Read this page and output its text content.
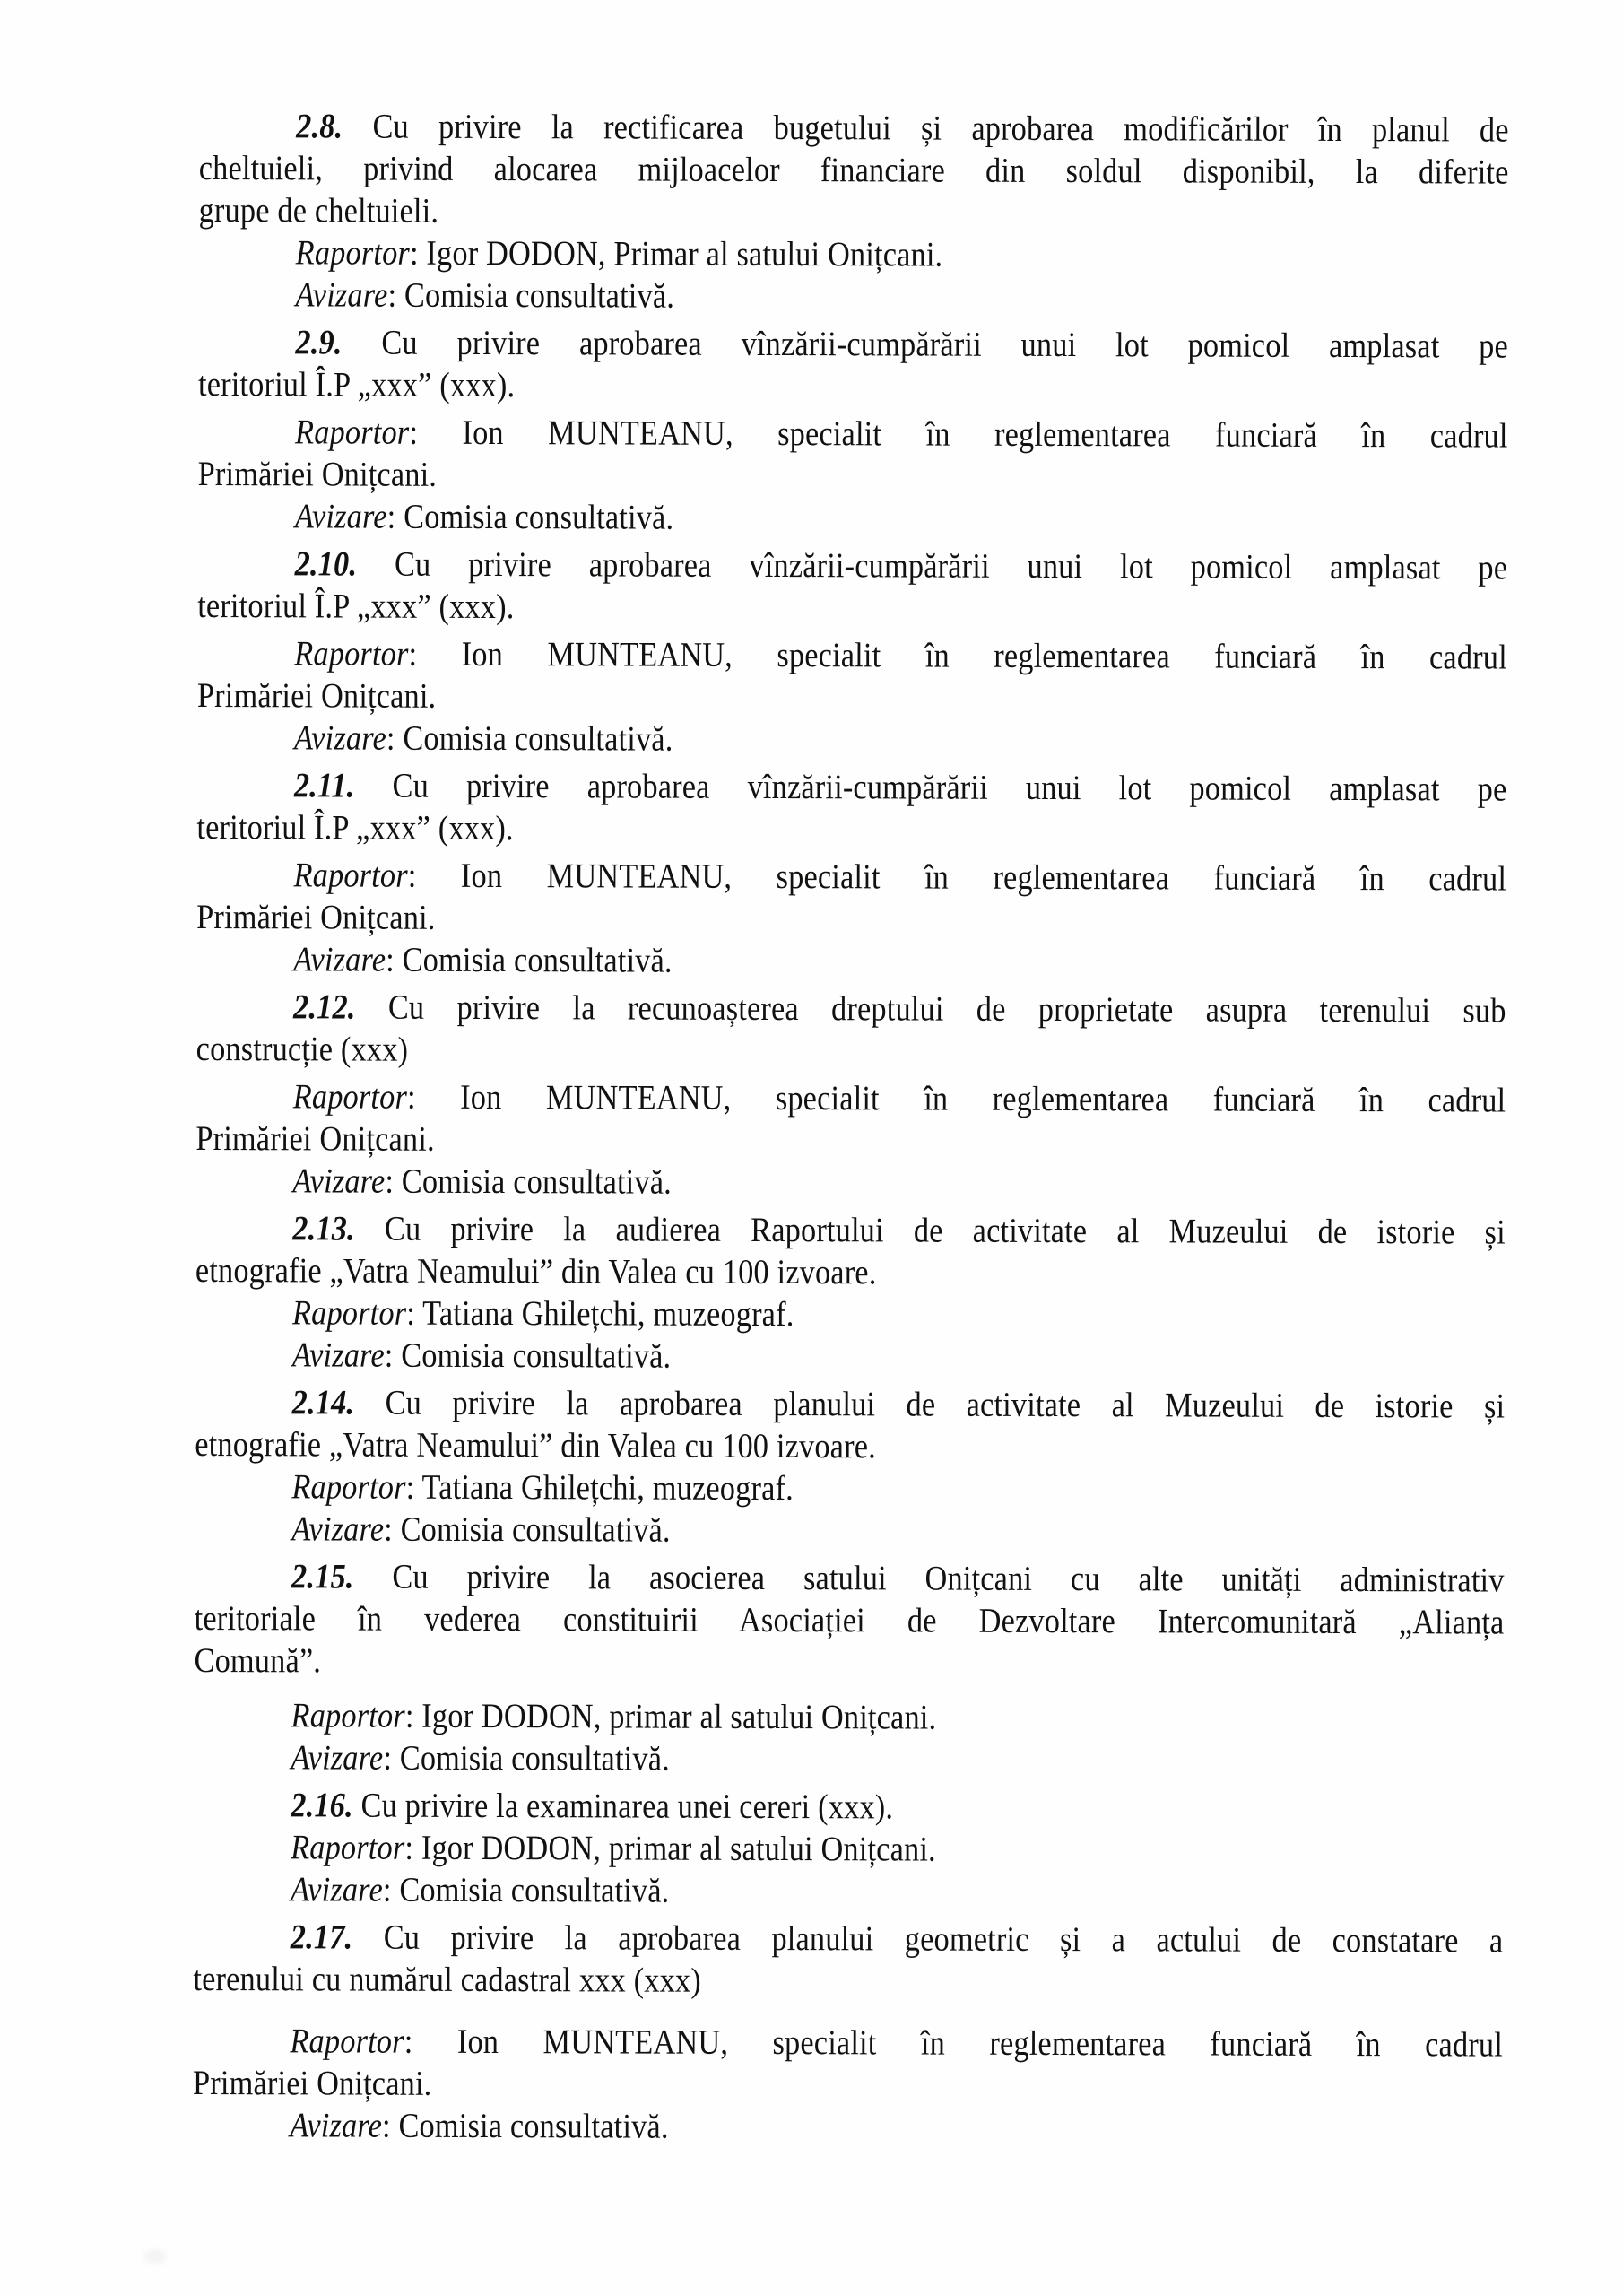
2.8. Cu privire la rectificarea bugetului și aprobarea modificărilor în planul de
cheltuieli, privind alocarea mijloacelor financiare din soldul disponibil, la diferite
grupe de cheltuieli.
Raportor: Igor DODON, Primar al satului Onițcani.
Avizare: Comisia consultativă.
2.9. Cu privire aprobarea vînzării-cumpărării unui lot pomicol amplasat pe
teritoriul Î.P „xxx” (xxx).
Raportor: Ion MUNTEANU, specialit în reglementarea funciară în cadrul
Primăriei Onițcani.
Avizare: Comisia consultativă.
2.10. Cu privire aprobarea vînzării-cumpărării unui lot pomicol amplasat pe
teritoriul Î.P „xxx” (xxx).
Raportor: Ion MUNTEANU, specialit în reglementarea funciară în cadrul
Primăriei Onițcani.
Avizare: Comisia consultativă.
2.11. Cu privire aprobarea vînzării-cumpărării unui lot pomicol amplasat pe
teritoriul Î.P „xxx” (xxx).
Raportor: Ion MUNTEANU, specialit în reglementarea funciară în cadrul
Primăriei Onițcani.
Avizare: Comisia consultativă.
2.12. Cu privire la recunoașterea dreptului de proprietate asupra terenului sub
construcție (xxx)
Raportor: Ion MUNTEANU, specialit în reglementarea funciară în cadrul
Primăriei Onițcani.
Avizare: Comisia consultativă.
2.13. Cu privire la audierea Raportului de activitate al Muzeului de istorie și
etnografie „Vatra Neamului” din Valea cu 100 izvoare.
Raportor: Tatiana Ghilețchi, muzeograf.
Avizare: Comisia consultativă.
2.14. Cu privire la aprobarea planului de activitate al Muzeului de istorie și
etnografie „Vatra Neamului” din Valea cu 100 izvoare.
Raportor: Tatiana Ghilețchi, muzeograf.
Avizare: Comisia consultativă.
2.15. Cu privire la asocierea satului Onițcani cu alte unități administrativ
teritoriale în vederea constituirii Asociației de Dezvoltare Intercomunitară „Alianța
Comună”.
Raportor: Igor DODON, primar al satului Onițcani.
Avizare: Comisia consultativă.
2.16. Cu privire la examinarea unei cereri (xxx).
Raportor: Igor DODON, primar al satului Onițcani.
Avizare: Comisia consultativă.
2.17. Cu privire la aprobarea planului geometric și a actului de constatare a
terenului cu numărul cadastral xxx (xxx)
Raportor: Ion MUNTEANU, specialit în reglementarea funciară în cadrul
Primăriei Onițcani.
Avizare: Comisia consultativă.
